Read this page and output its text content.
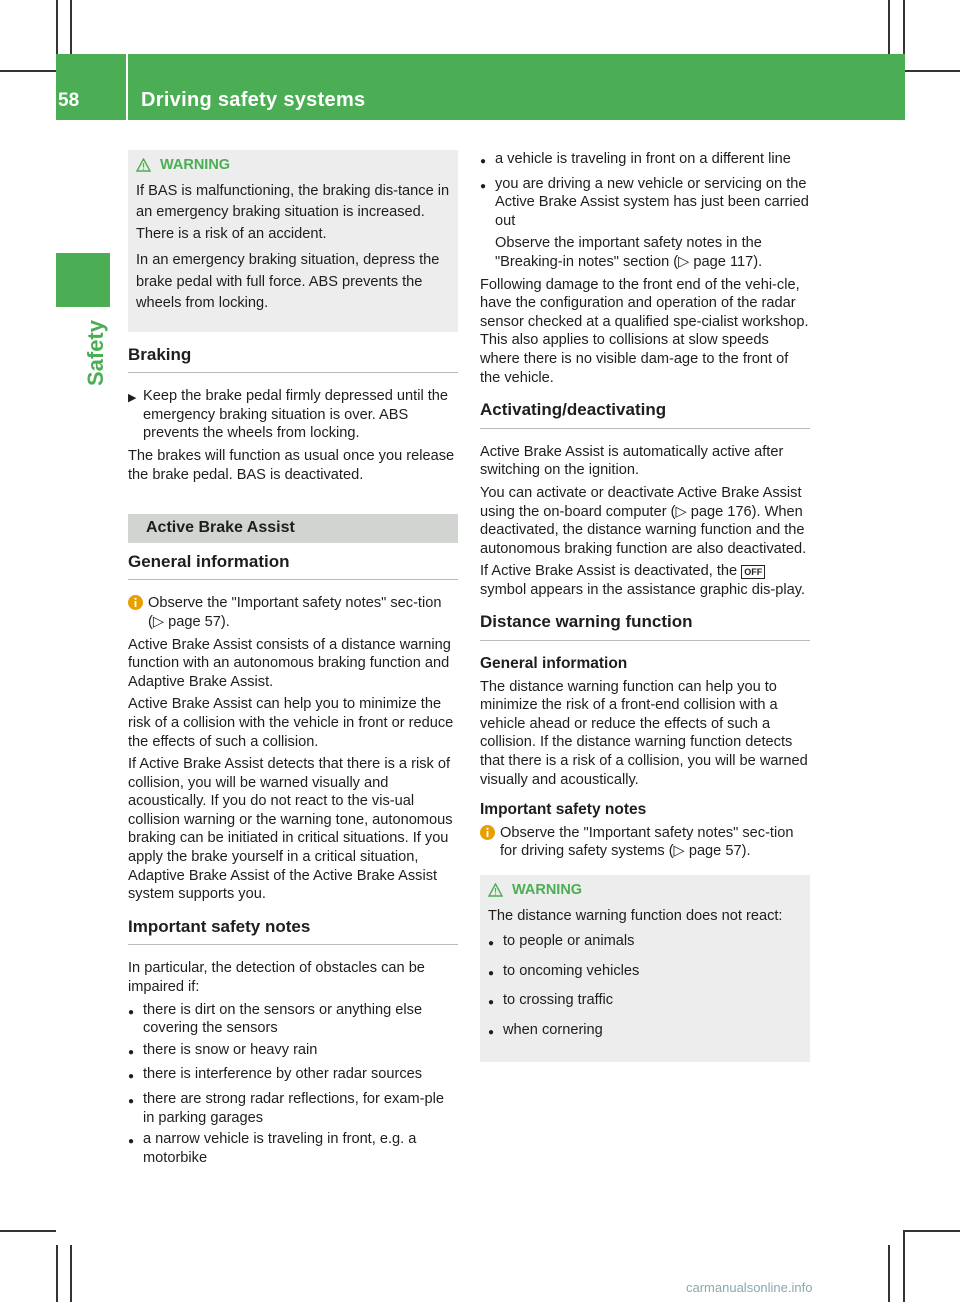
58	Driving safety systems
Safety
WARNING

If BAS is malfunctioning, the braking dis-tance in an emergency braking situation is increased. There is a risk of an accident.

In an emergency braking situation, depress the brake pedal with full force. ABS prevents the wheels from locking.

Braking
▶ Keep the brake pedal firmly depressed until the emergency braking situation is over. ABS prevents the wheels from locking.

The brakes will function as usual once you release the brake pedal. BAS is deactivated.

Active Brake Assist
General information
Observe the "Important safety notes" sec-tion (▷ page 57).

Active Brake Assist consists of a distance warning function with an autonomous braking function and Adaptive Brake Assist.

Active Brake Assist can help you to minimize the risk of a collision with the vehicle in front or reduce the effects of such a collision.

If Active Brake Assist detects that there is a risk of collision, you will be warned visually and acoustically. If you do not react to the vis-ual collision warning or the warning tone, autonomous braking can be initiated in critical situations. If you apply the brake yourself in a critical situation, Adaptive Brake Assist of the Active Brake Assist system supports you.

Important safety notes

In particular, the detection of obstacles can be impaired if:

● there is dirt on the sensors or anything else covering the sensors
● there is snow or heavy rain
● there is interference by other radar sources
● there are strong radar reflections, for exam-ple in parking garages
● a narrow vehicle is traveling in front, e.g. a motorbike
● a vehicle is traveling in front on a different line
● you are driving a new vehicle or servicing on the Active Brake Assist system has just been carried out

Observe the important safety notes in the "Breaking-in notes" section (▷ page 117).

Following damage to the front end of the vehi-cle, have the configuration and operation of the radar sensor checked at a qualified spe-cialist workshop. This also applies to collisions at slow speeds where there is no visible dam-age to the front of the vehicle.

Activating/deactivating

Active Brake Assist is automatically active after switching on the ignition.

You can activate or deactivate Active Brake Assist using the on-board computer (▷ page 176). When deactivated, the distance warning function and the autonomous braking function are also deactivated.

If Active Brake Assist is deactivated, the OFF symbol appears in the assistance graphic dis-play.

Distance warning function
General information

The distance warning function can help you to minimize the risk of a front-end collision with a vehicle ahead or reduce the effects of such a collision. If the distance warning function detects that there is a risk of a collision, you will be warned visually and acoustically.

Important safety notes
Observe the "Important safety notes" sec-tion for driving safety systems (▷ page 57).
WARNING

The distance warning function does not react:

● to people or animals
● to oncoming vehicles
● to crossing traffic
● when cornering
carmanualsonline.info
